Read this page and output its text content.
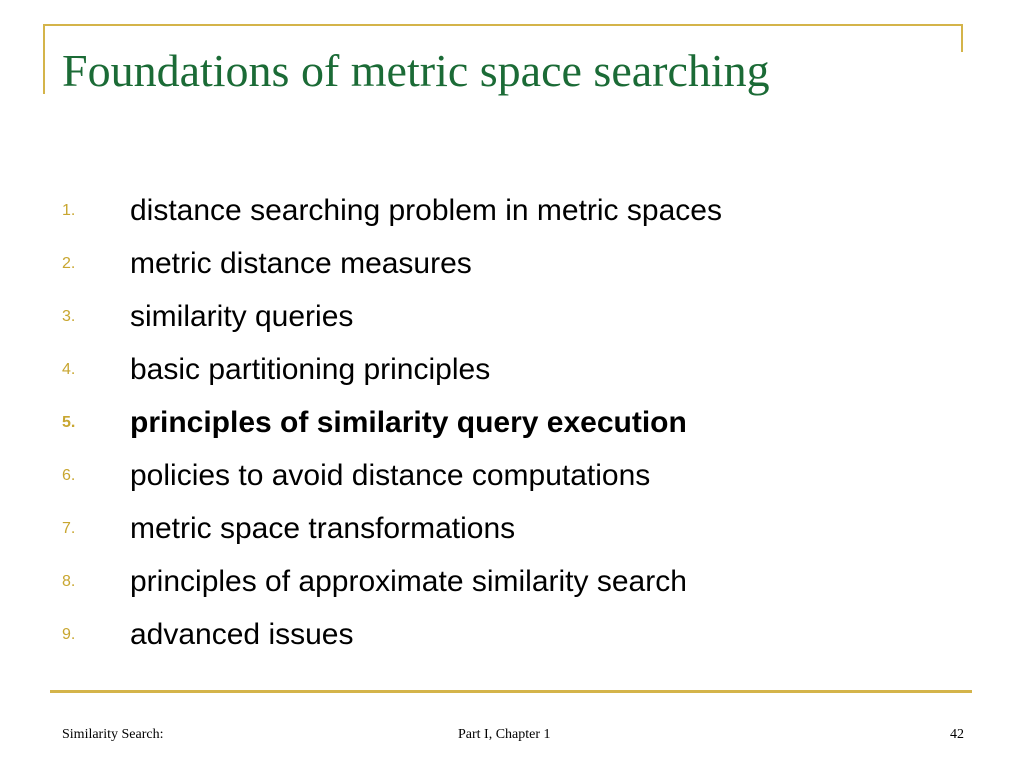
Foundations of metric space searching
1.	distance searching problem in metric spaces
2.	metric distance measures
3.	similarity queries
4.	basic partitioning principles
5.	principles of similarity query execution
6.	policies to avoid distance computations
7.	metric space transformations
8.	principles of approximate similarity search
9.	advanced issues
Similarity Search:	Part I, Chapter 1	42
